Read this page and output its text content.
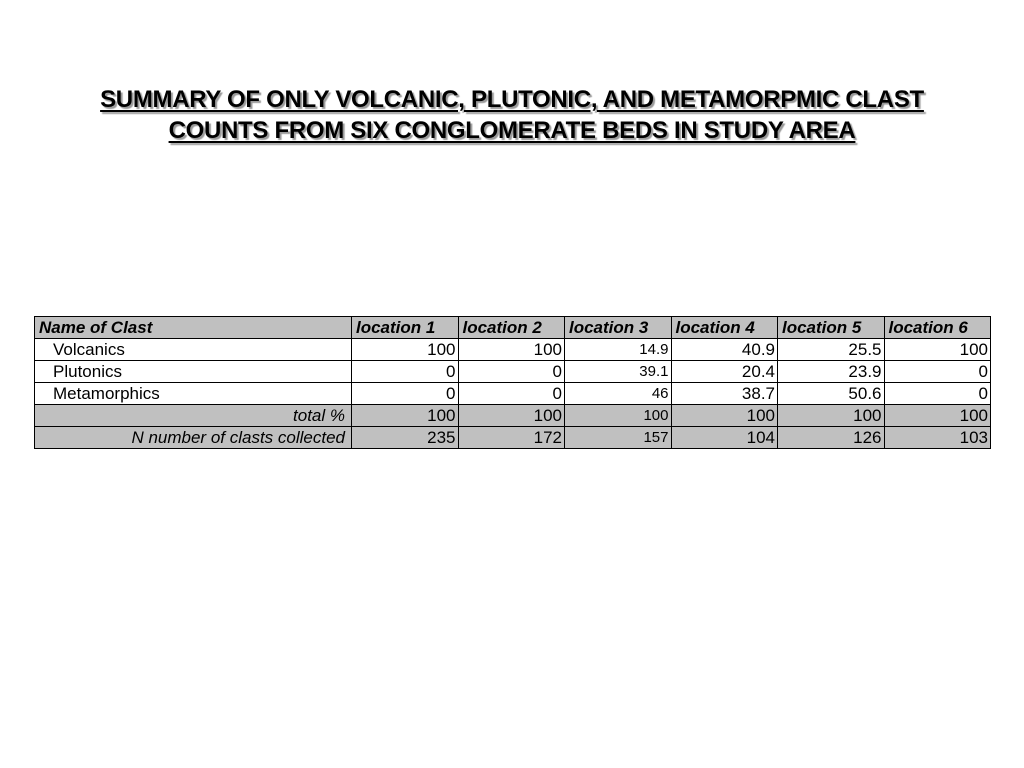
SUMMARY OF ONLY VOLCANIC, PLUTONIC, AND METAMORPMIC CLAST
COUNTS FROM SIX CONGLOMERATE BEDS IN STUDY AREA
Name of Clast	location 1	location 2	location 3	location 4	location 5	location 6
Volcanics	100	100	14.9	40.9	25.5	100
Plutonics	0	0	39.1	20.4	23.9	0
Metamorphics	0	0	46	38.7	50.6	0
total %	100	100	100	100	100	100
N number of clasts collected	235	172	157	104	126	103
